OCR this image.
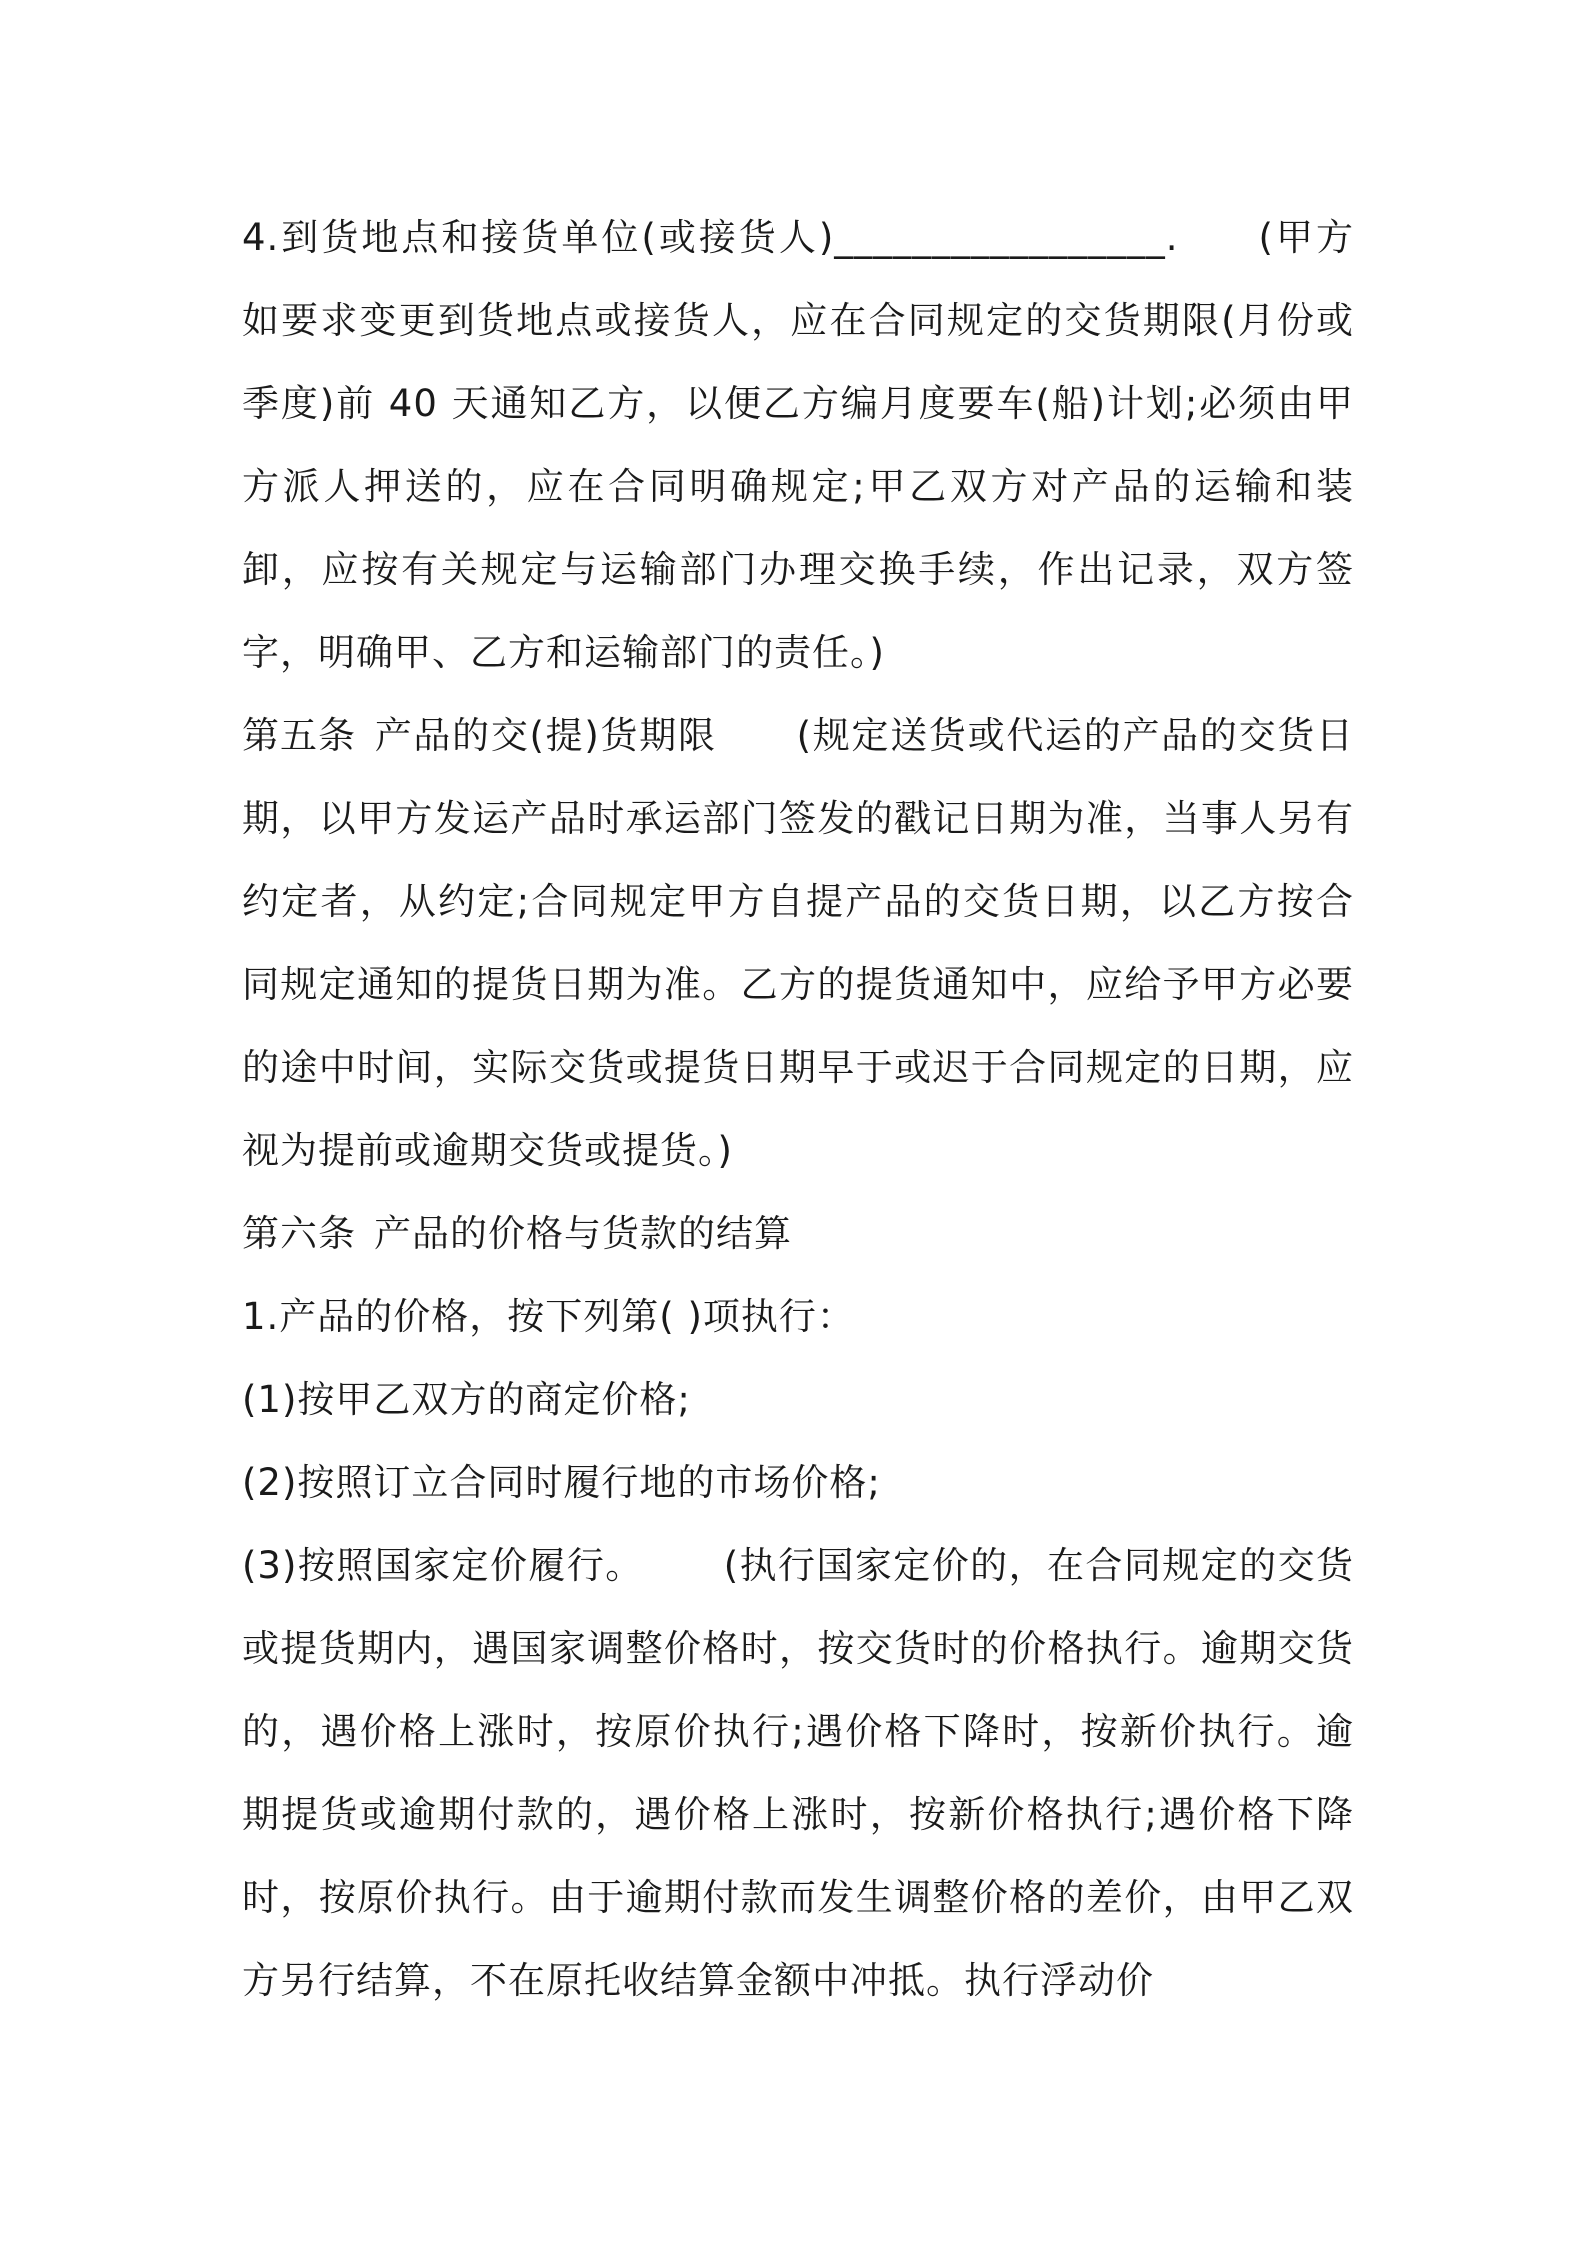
4.到货地点和接货单位(或接货人)_________________. (甲方如要求变更到货地点或接货人，应在合同规定的交货期限(月份或季度)前 40 天通知乙方，以便乙方编月度要车(船)计划;必须由甲方派人押送的，应在合同明确规定;甲乙双方对产品的运输和装卸，应按有关规定与运输部门办理交换手续，作出记录，双方签字，明确甲、乙方和运输部门的责任。)

第五条 产品的交(提)货期限 (规定送货或代运的产品的交货日期，以甲方发运产品时承运部门签发的戳记日期为准，当事人另有约定者，从约定;合同规定甲方自提产品的交货日期，以乙方按合同规定通知的提货日期为准。乙方的提货通知中，应给予甲方必要的途中时间，实际交货或提货日期早于或迟于合同规定的日期，应视为提前或逾期交货或提货。)

第六条 产品的价格与货款的结算

1.产品的价格，按下列第( )项执行：

(1)按甲乙双方的商定价格;

(2)按照订立合同时履行地的市场价格;

(3)按照国家定价履行。 (执行国家定价的，在合同规定的交货或提货期内，遇国家调整价格时，按交货时的价格执行。逾期交货的，遇价格上涨时，按原价执行;遇价格下降时，按新价执行。逾期提货或逾期付款的，遇价格上涨时，按新价格执行;遇价格下降时，按原价执行。由于逾期付款而发生调整价格的差价，由甲乙双方另行结算，不在原托收结算金额中冲抵。执行浮动价
